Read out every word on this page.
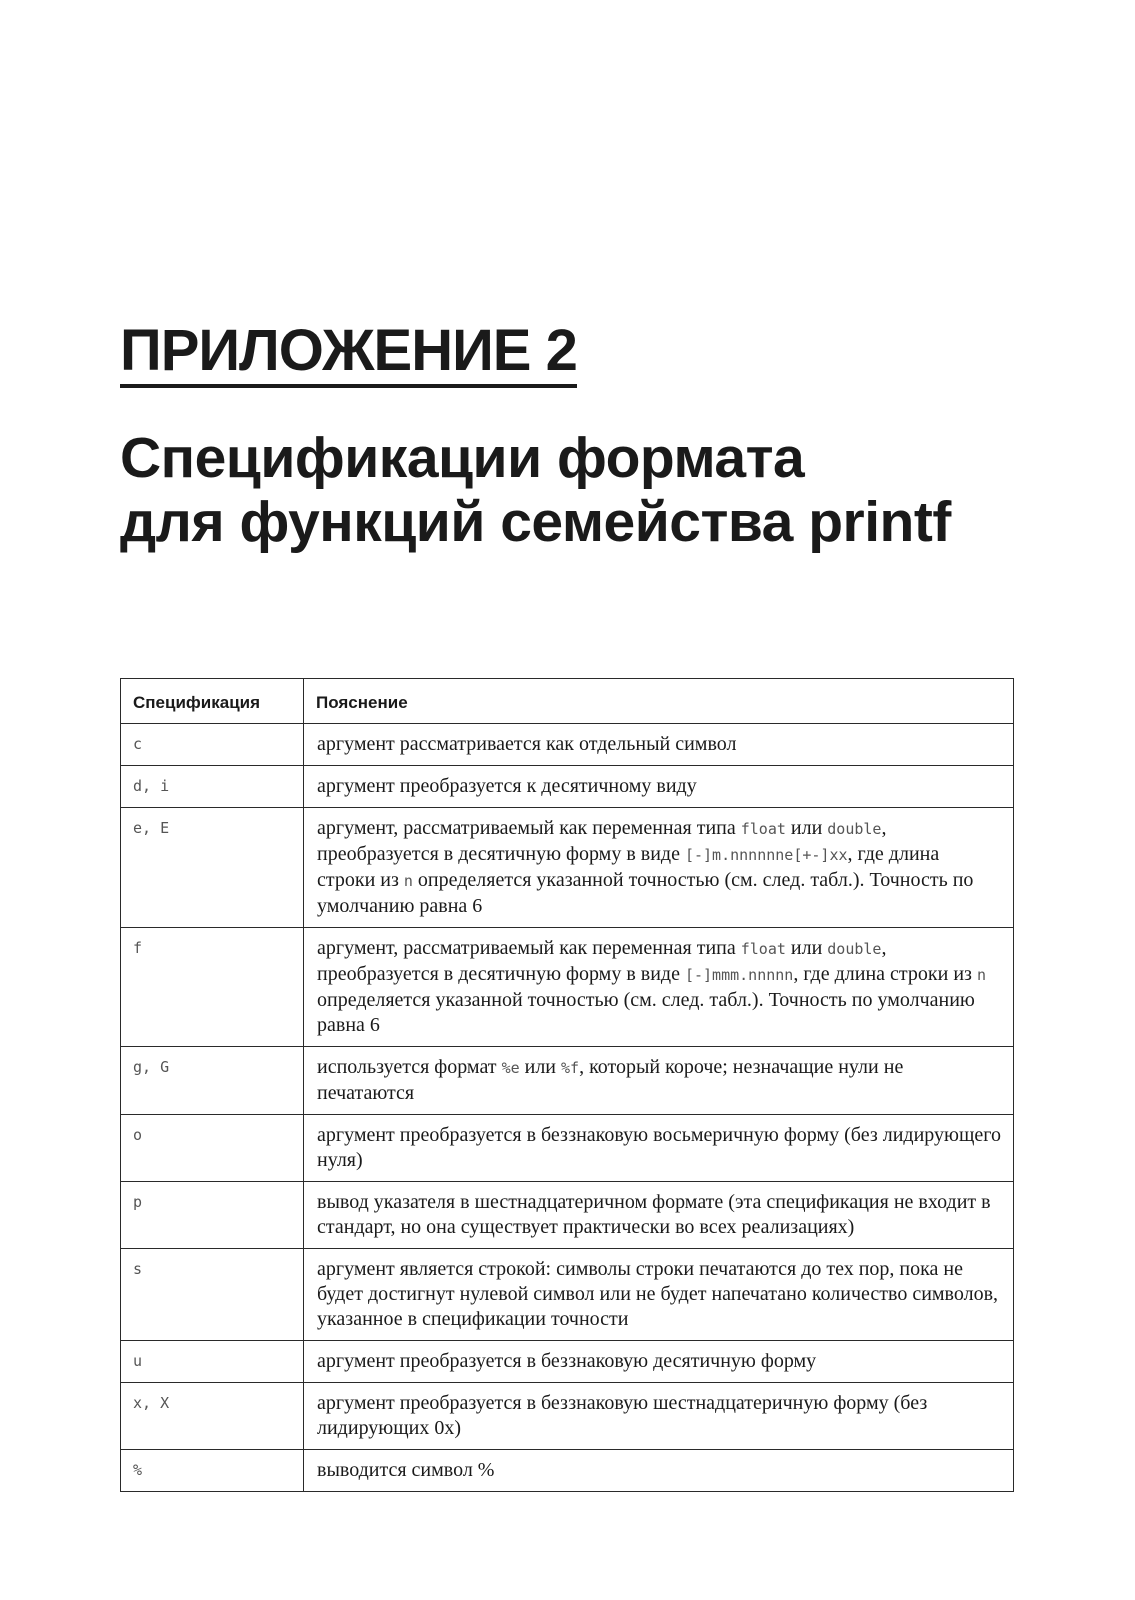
ПРИЛОЖЕНИЕ 2
Спецификации формата
для функций семейства printf
Спецификация	Пояснение
c	аргумент рассматривается как отдельный символ
d, i	аргумент преобразуется к десятичному виду
e, E	аргумент, рассматриваемый как переменная типа float или double, преобразуется в десятичную форму в виде [-]m.nnnnnne[+-]xx, где длина строки из n определяется указанной точностью (см. след. табл.). Точность по умолчанию равна 6
f	аргумент, рассматриваемый как переменная типа float или double, преобразуется в десятичную форму в виде [-]mmm.nnnnn, где длина строки из n определяется указанной точностью (см. след. табл.). Точность по умолчанию равна 6
g, G	используется формат %e или %f, который короче; незначащие нули не печатаются
o	аргумент преобразуется в беззнаковую восьмеричную форму (без лидирующего нуля)
p	вывод указателя в шестнадцатеричном формате (эта спецификация не входит в стандарт, но она существует практически во всех реализациях)
s	аргумент является строкой: символы строки печатаются до тех пор, пока не будет достигнут нулевой символ или не будет напечатано количество символов, указанное в спецификации точности
u	аргумент преобразуется в беззнаковую десятичную форму
x, X	аргумент преобразуется в беззнаковую шестнадцатеричную форму (без лидирующих 0x)
%	выводится символ %
